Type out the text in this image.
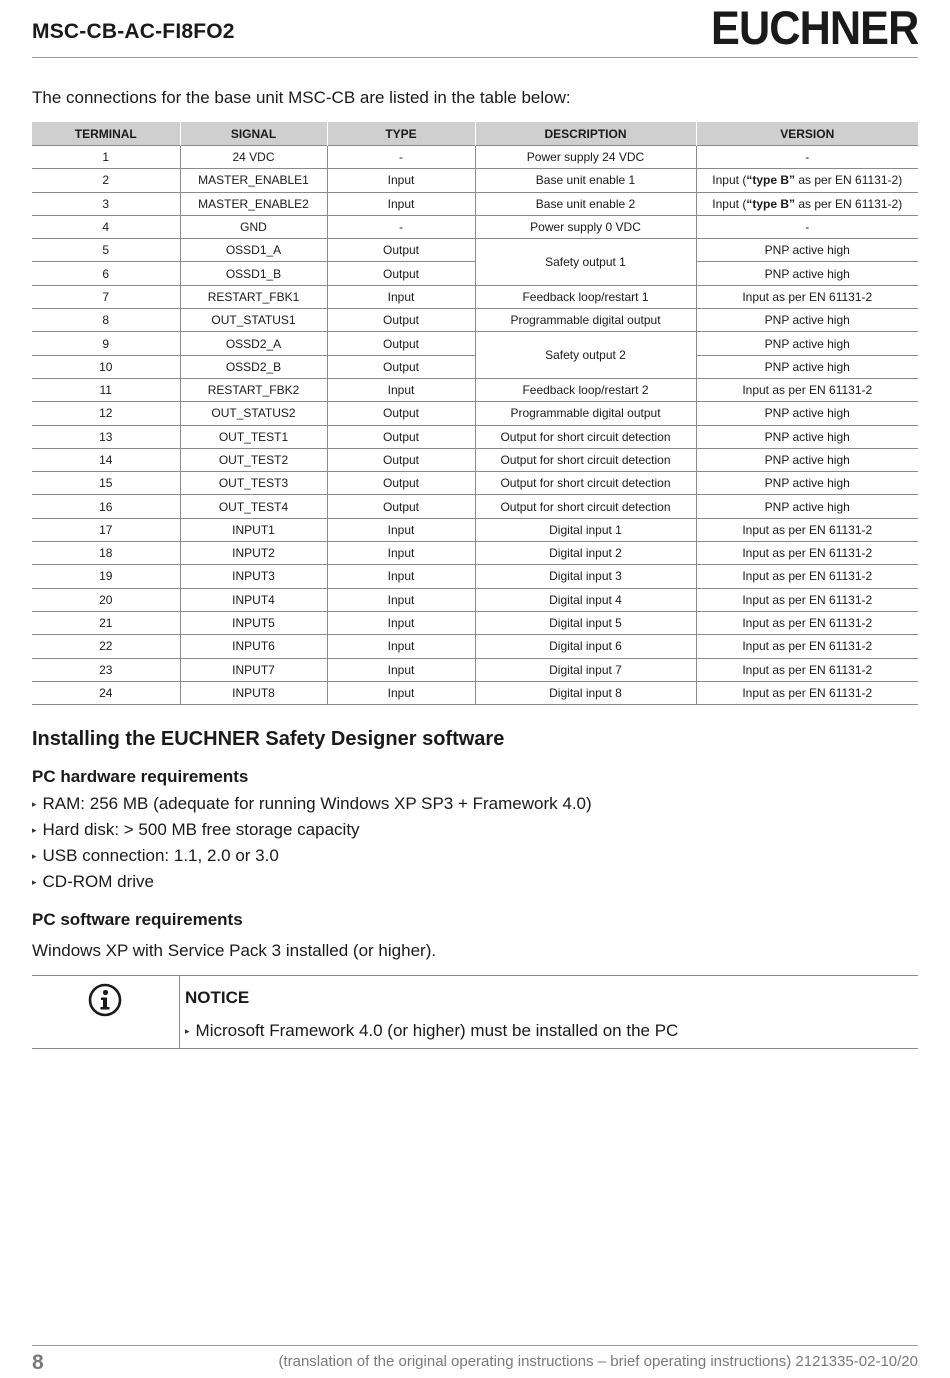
MSC-CB-AC-FI8FO2	EUCHNER
The connections for the base unit MSC-CB are listed in the table below:
TERMINAL	SIGNAL	TYPE	DESCRIPTION	VERSION
1	24 VDC	-	Power supply 24 VDC	-
2	MASTER_ENABLE1	Input	Base unit enable 1	Input (“type B” as per EN 61131-2)
3	MASTER_ENABLE2	Input	Base unit enable 2	Input (“type B” as per EN 61131-2)
4	GND	-	Power supply 0 VDC	-
5	OSSD1_A	Output	Safety output 1	PNP active high
6	OSSD1_B	Output		PNP active high
7	RESTART_FBK1	Input	Feedback loop/restart 1	Input as per EN 61131-2
8	OUT_STATUS1	Output	Programmable digital output	PNP active high
9	OSSD2_A	Output	Safety output 2	PNP active high
10	OSSD2_B	Output		PNP active high
11	RESTART_FBK2	Input	Feedback loop/restart 2	Input as per EN 61131-2
12	OUT_STATUS2	Output	Programmable digital output	PNP active high
13	OUT_TEST1	Output	Output for short circuit detection	PNP active high
14	OUT_TEST2	Output	Output for short circuit detection	PNP active high
15	OUT_TEST3	Output	Output for short circuit detection	PNP active high
16	OUT_TEST4	Output	Output for short circuit detection	PNP active high
17	INPUT1	Input	Digital input 1	Input as per EN 61131-2
18	INPUT2	Input	Digital input 2	Input as per EN 61131-2
19	INPUT3	Input	Digital input 3	Input as per EN 61131-2
20	INPUT4	Input	Digital input 4	Input as per EN 61131-2
21	INPUT5	Input	Digital input 5	Input as per EN 61131-2
22	INPUT6	Input	Digital input 6	Input as per EN 61131-2
23	INPUT7	Input	Digital input 7	Input as per EN 61131-2
24	INPUT8	Input	Digital input 8	Input as per EN 61131-2
Installing the EUCHNER Safety Designer software
PC hardware requirements
▸ RAM: 256 MB (adequate for running Windows XP SP3 + Framework 4.0)
▸ Hard disk: > 500 MB free storage capacity
▸ USB connection: 1.1, 2.0 or 3.0
▸ CD-ROM drive
PC software requirements
Windows XP with Service Pack 3 installed (or higher).
NOTICE
▸ Microsoft Framework 4.0 (or higher) must be installed on the PC
8	(translation of the original operating instructions – brief operating instructions) 2121335-02-10/20
